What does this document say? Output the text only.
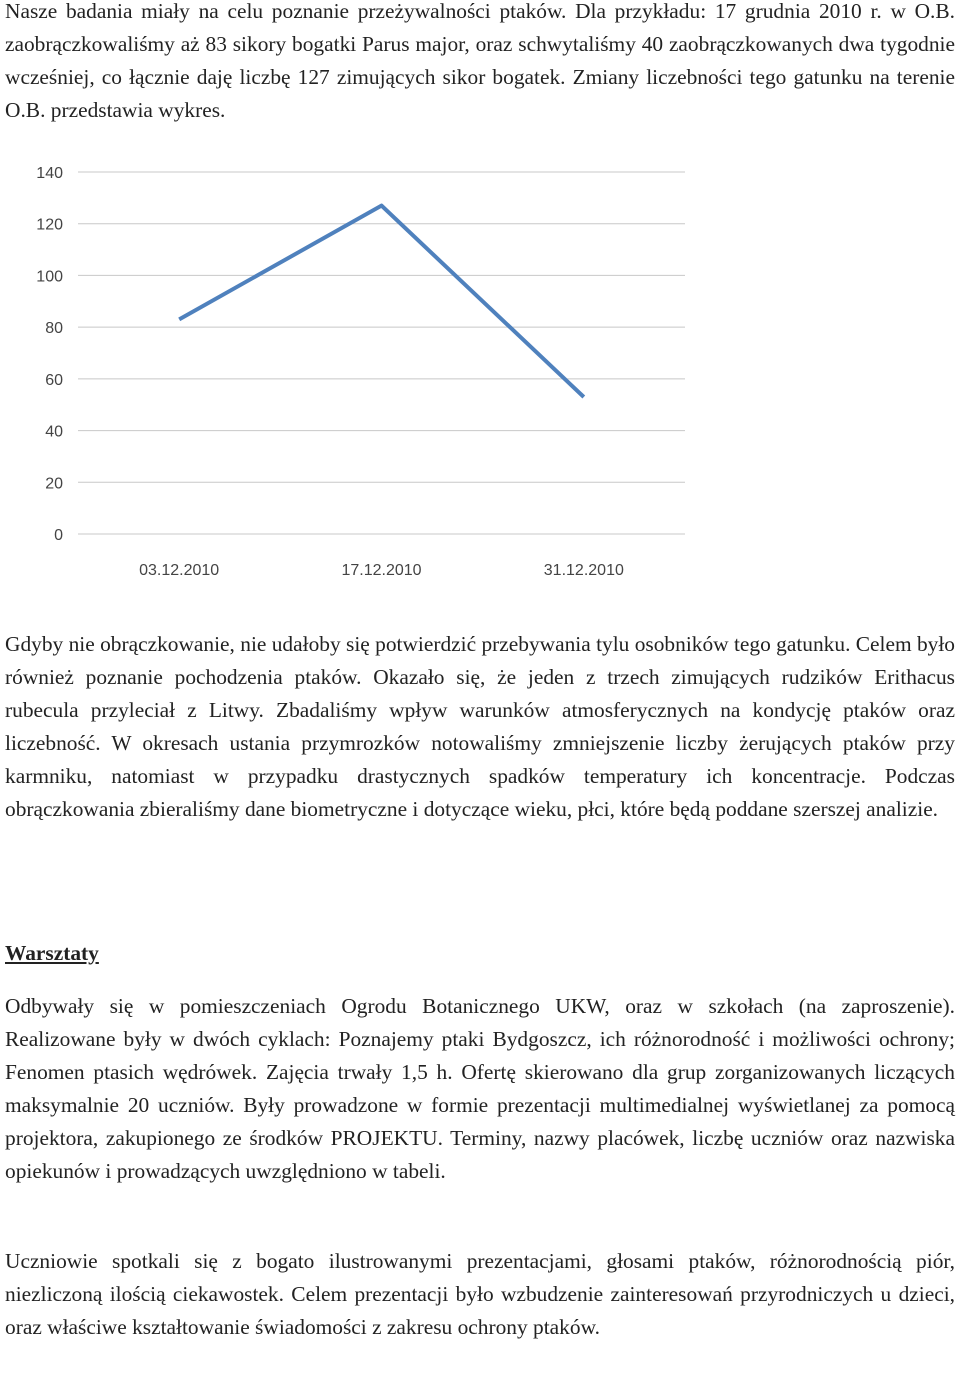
Nasze badania miały na celu poznanie przeżywalności ptaków. Dla przykładu: 17 grudnia 2010 r. w O.B. zaobrączkowaliśmy aż 83 sikory bogatki Parus major, oraz schwytaliśmy 40 zaobrączkowanych dwa tygodnie wcześniej, co łącznie daję liczbę 127 zimujących sikor bogatek. Zmiany liczebności tego gatunku na terenie O.B. przedstawia wykres.

0
20
40
60
80
100
120
140
03.12.2010	17.12.2010	31.12.2010

Gdyby nie obrączkowanie, nie udałoby się potwierdzić przebywania tylu osobników tego gatunku. Celem było również poznanie pochodzenia ptaków. Okazało się, że jeden z trzech zimujących rudzików Erithacus rubecula przyleciał z Litwy. Zbadaliśmy wpływ warunków atmosferycznych na kondycję ptaków oraz liczebność. W okresach ustania przymrozków notowaliśmy zmniejszenie liczby żerujących ptaków przy karmniku, natomiast w przypadku drastycznych spadków temperatury ich koncentracje. Podczas obrączkowania zbieraliśmy dane biometryczne i dotyczące wieku, płci, które będą poddane szerszej analizie.

Warsztaty

Odbywały się w pomieszczeniach Ogrodu Botanicznego UKW, oraz w szkołach (na zaproszenie). Realizowane były w dwóch cyklach: Poznajemy ptaki Bydgoszcz, ich różnorodność i możliwości ochrony; Fenomen ptasich wędrówek. Zajęcia trwały 1,5 h. Ofertę skierowano dla grup zorganizowanych liczących maksymalnie 20 uczniów. Były prowadzone w formie prezentacji multimedialnej wyświetlanej za pomocą projektora, zakupionego ze środków PROJEKTU. Terminy, nazwy placówek, liczbę uczniów oraz nazwiska opiekunów i prowadzących uwzględniono w tabeli.

Uczniowie spotkali się z bogato ilustrowanymi prezentacjami, głosami ptaków, różnorodnością piór, niezliczoną ilością ciekawostek. Celem prezentacji było wzbudzenie zainteresowań przyrodniczych u dzieci, oraz właściwe kształtowanie świadomości z zakresu ochrony ptaków.
